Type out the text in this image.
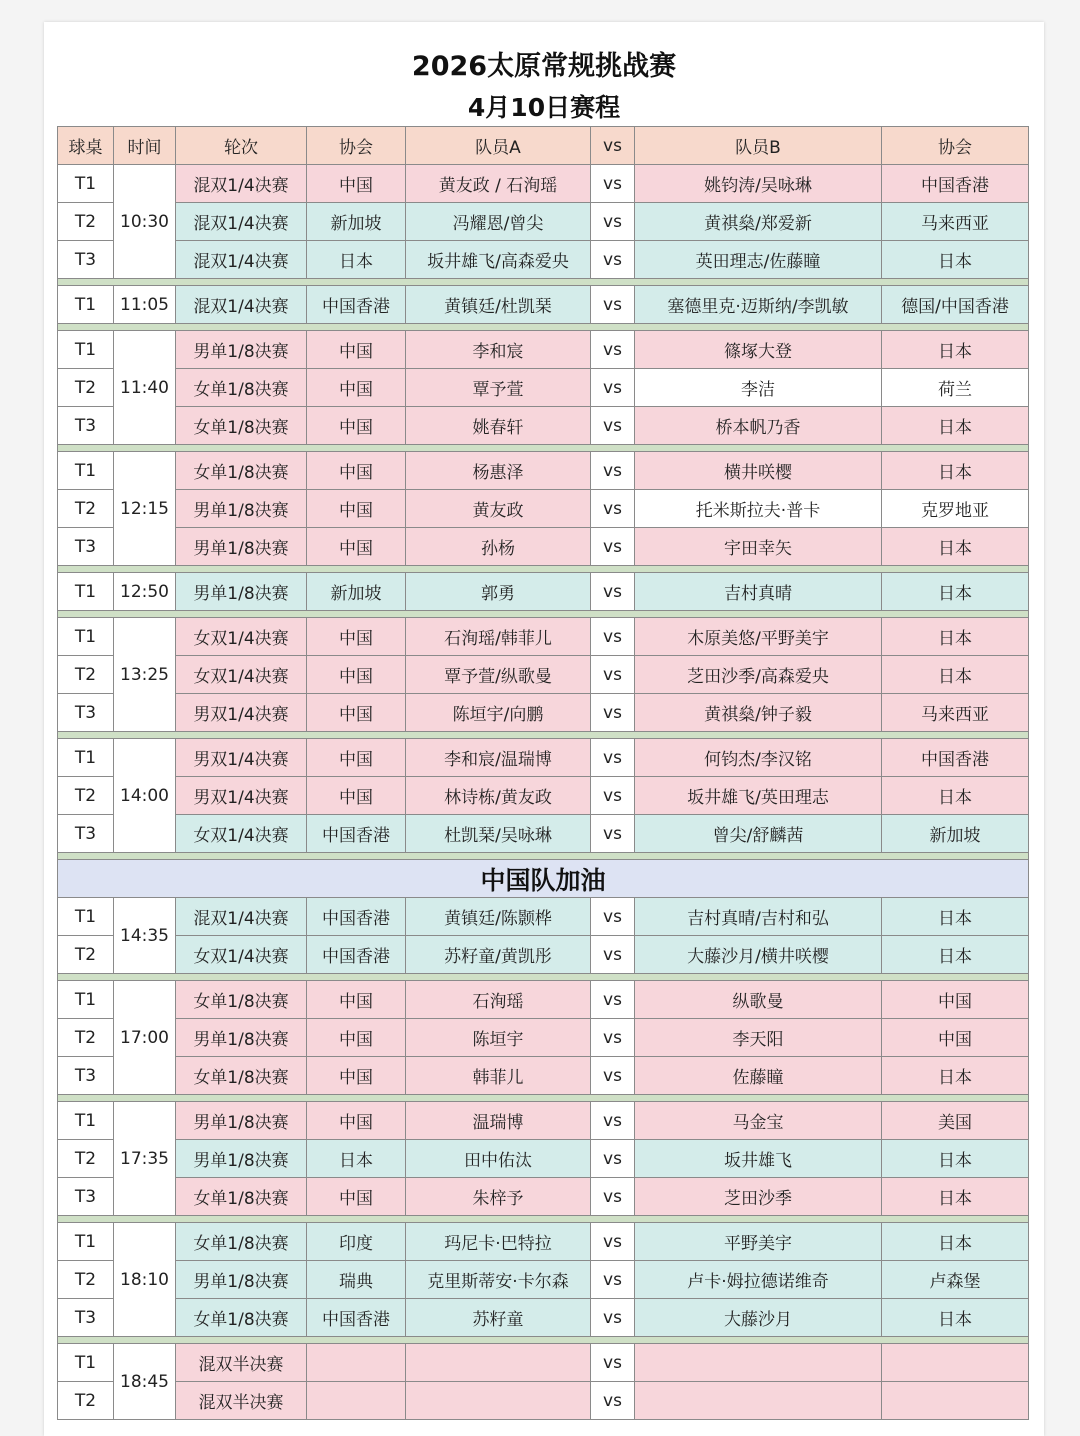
2026太原常规挑战赛
4月10日赛程
球桌	时间	轮次	协会	队员A	vs	队员B	协会
T1	10:30	混双1/4决赛	中国	黄友政 / 石洵瑶	vs	姚钧涛/吴咏琳	中国香港
T2		混双1/4决赛	新加坡	冯耀恩/曾尖	vs	黄祺燊/郑爱新	马来西亚
T3		混双1/4决赛	日本	坂井雄飞/高森爱央	vs	英田理志/佐藤瞳	日本

T1	11:05	混双1/4决赛	中国香港	黄镇廷/杜凯琹	vs	塞德里克·迈斯纳/李凯敏	德国/中国香港

T1	11:40	男单1/8决赛	中国	李和宸	vs	篠塚大登	日本
T2		女单1/8决赛	中国	覃予萱	vs	李洁	荷兰
T3		女单1/8决赛	中国	姚春轩	vs	桥本帆乃香	日本

T1	12:15	女单1/8决赛	中国	杨惠泽	vs	横井咲樱	日本
T2		男单1/8决赛	中国	黄友政	vs	托米斯拉夫·普卡	克罗地亚
T3		男单1/8决赛	中国	孙杨	vs	宇田幸矢	日本

T1	12:50	男单1/8决赛	新加坡	郭勇	vs	吉村真晴	日本

T1	13:25	女双1/4决赛	中国	石洵瑶/韩菲儿	vs	木原美悠/平野美宇	日本
T2		女双1/4决赛	中国	覃予萱/纵歌曼	vs	芝田沙季/高森爱央	日本
T3		男双1/4决赛	中国	陈垣宇/向鹏	vs	黄祺燊/钟子毅	马来西亚

T1	14:00	男双1/4决赛	中国	李和宸/温瑞博	vs	何钧杰/李汉铭	中国香港
T2		男双1/4决赛	中国	林诗栋/黄友政	vs	坂井雄飞/英田理志	日本
T3		女双1/4决赛	中国香港	杜凯琹/吴咏琳	vs	曾尖/舒麟茜	新加坡

中国队加油							
T1	14:35	混双1/4决赛	中国香港	黄镇廷/陈颢桦	vs	吉村真晴/吉村和弘	日本
T2		女双1/4决赛	中国香港	苏籽童/黄凯彤	vs	大藤沙月/横井咲樱	日本

T1	17:00	女单1/8决赛	中国	石洵瑶	vs	纵歌曼	中国
T2		男单1/8决赛	中国	陈垣宇	vs	李天阳	中国
T3		女单1/8决赛	中国	韩菲儿	vs	佐藤瞳	日本

T1	17:35	男单1/8决赛	中国	温瑞博	vs	马金宝	美国
T2		男单1/8决赛	日本	田中佑汰	vs	坂井雄飞	日本
T3		女单1/8决赛	中国	朱梓予	vs	芝田沙季	日本

T1	18:10	女单1/8决赛	印度	玛尼卡·巴特拉	vs	平野美宇	日本
T2		男单1/8决赛	瑞典	克里斯蒂安·卡尔森	vs	卢卡·姆拉德诺维奇	卢森堡
T3		女单1/8决赛	中国香港	苏籽童	vs	大藤沙月	日本

T1	18:45	混双半决赛			vs		
T2		混双半决赛			vs		
